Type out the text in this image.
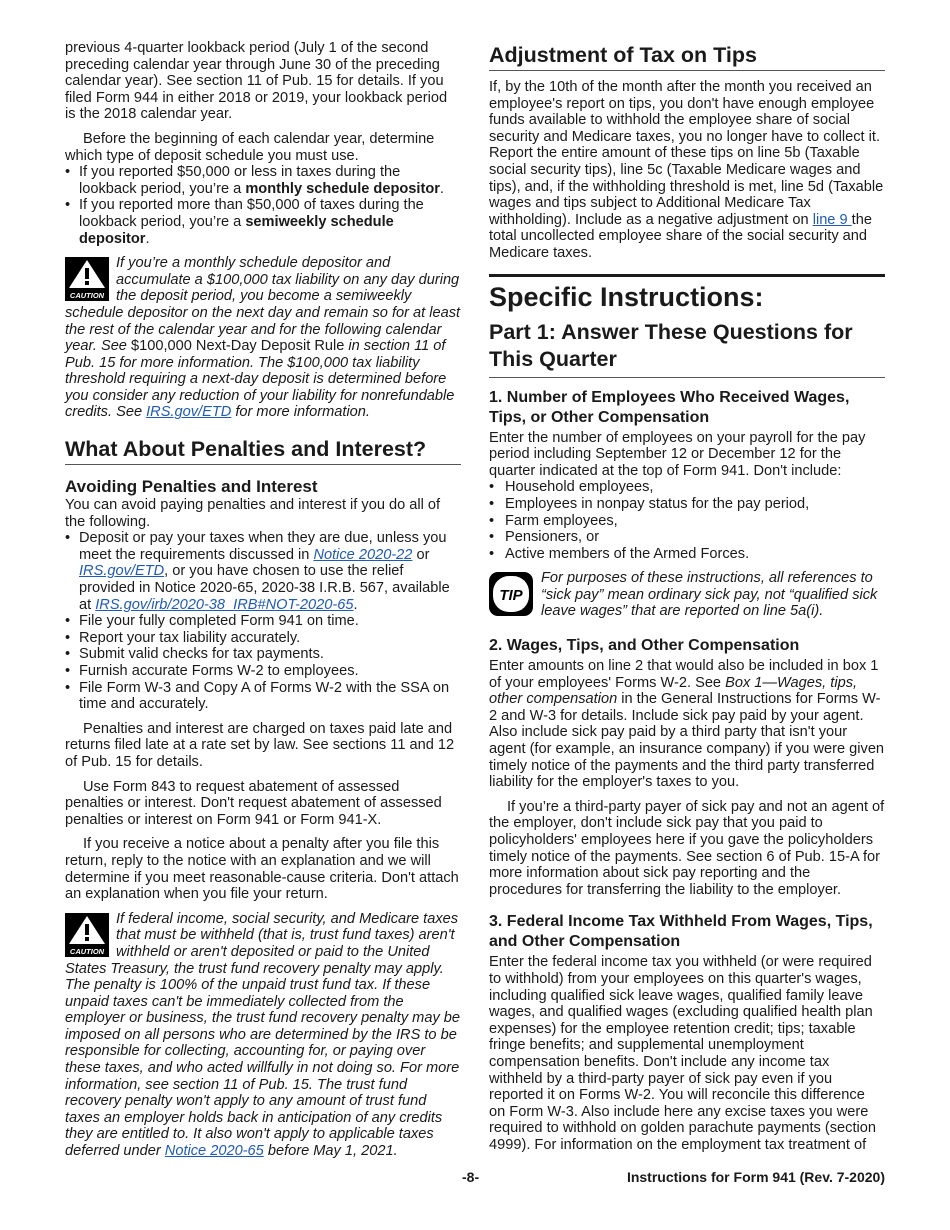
previous 4-quarter lookback period (July 1 of the second preceding calendar year through June 30 of the preceding calendar year). See section 11 of Pub. 15 for details. If you filed Form 944 in either 2018 or 2019, your lookback period is the 2018 calendar year.

Before the beginning of each calendar year, determine which type of deposit schedule you must use.

• If you reported $50,000 or less in taxes during the lookback period, you’re a monthly schedule depositor.

• If you reported more than $50,000 of taxes during the lookback period, you’re a semiweekly schedule depositor.

CAUTION
If you’re a monthly schedule depositor and accumulate a $100,000 tax liability on any day during the deposit period, you become a semiweekly schedule depositor on the next day and remain so for at least the rest of the calendar year and for the following calendar year. See $100,000 Next-Day Deposit Rule in section 11 of Pub. 15 for more information. The $100,000 tax liability threshold requiring a next-day deposit is determined before you consider any reduction of your liability for nonrefundable credits. See IRS.gov/ETD for more information.
What About Penalties and Interest?
Avoiding Penalties and Interest

You can avoid paying penalties and interest if you do all of the following.

• Deposit or pay your taxes when they are due, unless you meet the requirements discussed in Notice 2020-22 or IRS.gov/ETD, or you have chosen to use the relief provided in Notice 2020-65, 2020-38 I.R.B. 567, available at IRS.gov/irb/2020-38_IRB#NOT-2020-65.

• File your fully completed Form 941 on time.

• Report your tax liability accurately.

• Submit valid checks for tax payments.

• Furnish accurate Forms W-2 to employees.

• File Form W-3 and Copy A of Forms W-2 with the SSA on time and accurately.

Penalties and interest are charged on taxes paid late and returns filed late at a rate set by law. See sections 11 and 12 of Pub. 15 for details.

Use Form 843 to request abatement of assessed penalties or interest. Don't request abatement of assessed penalties or interest on Form 941 or Form 941-X.

If you receive a notice about a penalty after you file this return, reply to the notice with an explanation and we will determine if you meet reasonable-cause criteria. Don't attach an explanation when you file your return.

CAUTION
If federal income, social security, and Medicare taxes that must be withheld (that is, trust fund taxes) aren't withheld or aren't deposited or paid to the United States Treasury, the trust fund recovery penalty may apply. The penalty is 100% of the unpaid trust fund tax. If these unpaid taxes can't be immediately collected from the employer or business, the trust fund recovery penalty may be imposed on all persons who are determined by the IRS to be responsible for collecting, accounting for, or paying over these taxes, and who acted willfully in not doing so. For more information, see section 11 of Pub. 15. The trust fund recovery penalty won't apply to any amount of trust fund taxes an employer holds back in anticipation of any credits they are entitled to. It also won't apply to applicable taxes deferred under Notice 2020-65 before May 1, 2021.
Adjustment of Tax on Tips

If, by the 10th of the month after the month you received an employee's report on tips, you don't have enough employee funds available to withhold the employee share of social security and Medicare taxes, you no longer have to collect it. Report the entire amount of these tips on line 5b (Taxable social security tips), line 5c (Taxable Medicare wages and tips), and, if the withholding threshold is met, line 5d (Taxable wages and tips subject to Additional Medicare Tax withholding). Include as a negative adjustment on line 9 the total uncollected employee share of the social security and Medicare taxes.

Specific Instructions:
Part 1: Answer These Questions for This Quarter
1. Number of Employees Who Received Wages, Tips, or Other Compensation

Enter the number of employees on your payroll for the pay period including September 12 or December 12 for the quarter indicated at the top of Form 941. Don't include:

• Household employees,

• Employees in nonpay status for the pay period,

• Farm employees,

• Pensioners, or

• Active members of the Armed Forces.

TIP
For purposes of these instructions, all references to “sick pay” mean ordinary sick pay, not “qualified sick leave wages” that are reported on line 5a(i).
2. Wages, Tips, and Other Compensation

Enter amounts on line 2 that would also be included in box 1 of your employees' Forms W-2. See Box 1—Wages, tips, other compensation in the General Instructions for Forms W-2 and W-3 for details. Include sick pay paid by your agent. Also include sick pay paid by a third party that isn't your agent (for example, an insurance company) if you were given timely notice of the payments and the third party transferred liability for the employer's taxes to you.

If you’re a third-party payer of sick pay and not an agent of the employer, don't include sick pay that you paid to policyholders' employees here if you gave the policyholders timely notice of the payments. See section 6 of Pub. 15-A for more information about sick pay reporting and the procedures for transferring the liability to the employer.

3. Federal Income Tax Withheld From Wages, Tips, and Other Compensation

Enter the federal income tax you withheld (or were required to withhold) from your employees on this quarter's wages, including qualified sick leave wages, qualified family leave wages, and qualified wages (excluding qualified health plan expenses) for the employee retention credit; tips; taxable fringe benefits; and supplemental unemployment compensation benefits. Don't include any income tax withheld by a third-party payer of sick pay even if you reported it on Forms W-2. You will reconcile this difference on Form W-3. Also include here any excise taxes you were required to withhold on golden parachute payments (section 4999). For information on the employment tax treatment of

-8-	Instructions for Form 941 (Rev. 7-2020)
